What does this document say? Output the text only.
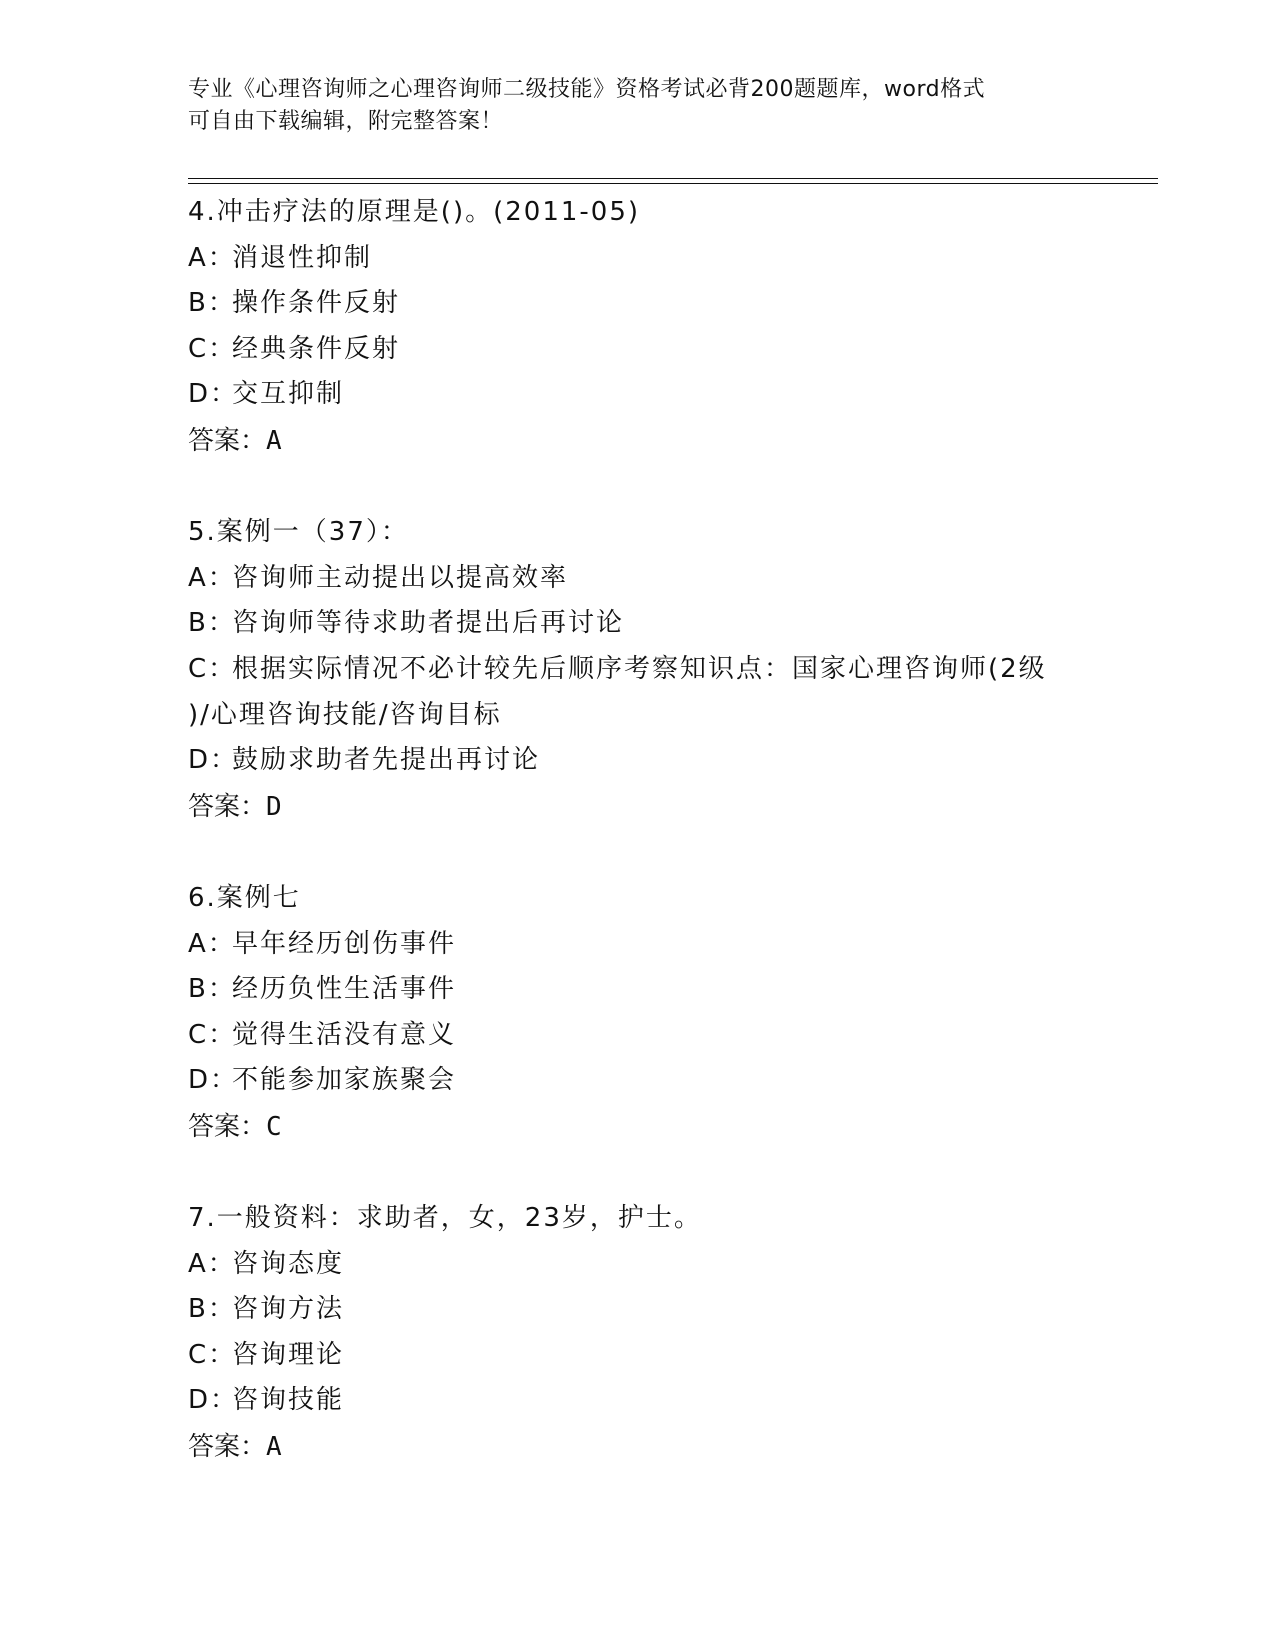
专业《心理咨询师之心理咨询师二级技能》资格考试必背200题题库，word格式
可自由下载编辑，附完整答案！
4.冲击疗法的原理是()。(2011-05)
A：消退性抑制
B：操作条件反射
C：经典条件反射
D：交互抑制
答案：A
5.案例一（37）：
A：咨询师主动提出以提高效率
B：咨询师等待求助者提出后再讨论
C：根据实际情况不必计较先后顺序考察知识点：国家心理咨询师(2级
)/心理咨询技能/咨询目标
D：鼓励求助者先提出再讨论
答案：D
6.案例七
A：早年经历创伤事件
B：经历负性生活事件
C：觉得生活没有意义
D：不能参加家族聚会
答案：C
7.一般资料：求助者，女，23岁，护士。
A：咨询态度
B：咨询方法
C：咨询理论
D：咨询技能
答案：A
